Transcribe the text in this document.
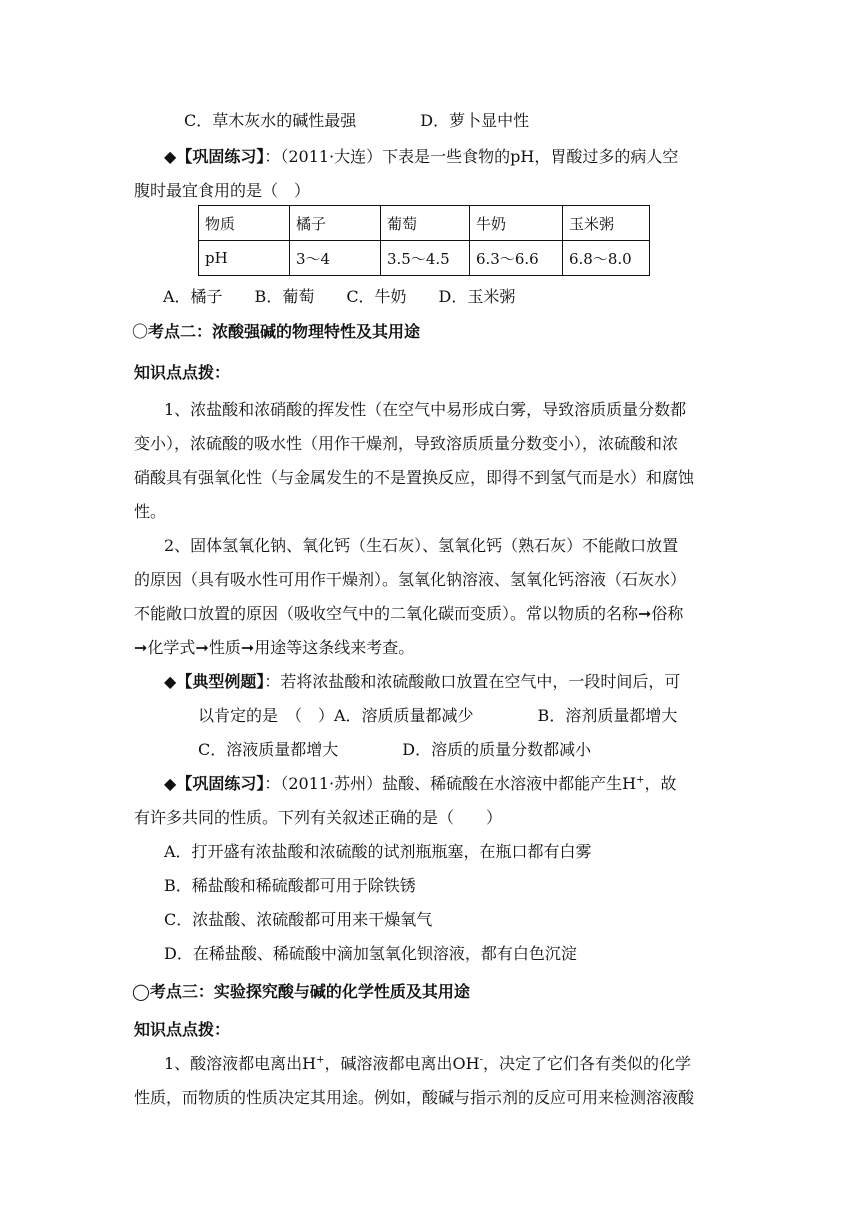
C．草木灰水的碱性最强　　　　D．萝卜显中性
◆【巩固练习】：（2011·大连）下表是一些食物的pH，胃酸过多的病人空
腹时最宜食用的是（　）
物质	橘子	葡萄	牛奶	玉米粥
pH	3～4	3.5～4.5	6.3～6.6	6.8～8.0
A．橘子　　B．葡萄　　C．牛奶　　D．玉米粥
〇考点二：浓酸强碱的物理特性及其用途
知识点点拨：
1、浓盐酸和浓硝酸的挥发性（在空气中易形成白雾，导致溶质质量分数都
变小），浓硫酸的吸水性（用作干燥剂，导致溶质质量分数变小），浓硫酸和浓
硝酸具有强氧化性（与金属发生的不是置换反应，即得不到氢气而是水）和腐蚀
性。
2、固体氢氧化钠、氧化钙（生石灰）、氢氧化钙（熟石灰）不能敞口放置
的原因（具有吸水性可用作干燥剂）。氢氧化钠溶液、氢氧化钙溶液（石灰水）
不能敞口放置的原因（吸收空气中的二氧化碳而变质）。常以物质的名称➞俗称
➞化学式➞性质➞用途等这条线来考查。
◆【典型例题】：若将浓盐酸和浓硫酸敞口放置在空气中，一段时间后，可
以肯定的是　（　）A．溶质质量都减少　　　　B．溶剂质量都增大
C．溶液质量都增大　　　　D．溶质的质量分数都减小
◆【巩固练习】：（2011·苏州）盐酸、稀硫酸在水溶液中都能产生H+，故
有许多共同的性质。下列有关叙述正确的是（　　）
A．打开盛有浓盐酸和浓硫酸的试剂瓶瓶塞，在瓶口都有白雾
B．稀盐酸和稀硫酸都可用于除铁锈
C．浓盐酸、浓硫酸都可用来干燥氧气
D．在稀盐酸、稀硫酸中滴加氢氧化钡溶液，都有白色沉淀
◯考点三：实验探究酸与碱的化学性质及其用途
知识点点拨：
1、酸溶液都电离出H+，碱溶液都电离出OH-，决定了它们各有类似的化学
性质，而物质的性质决定其用途。例如，酸碱与指示剂的反应可用来检测溶液酸
